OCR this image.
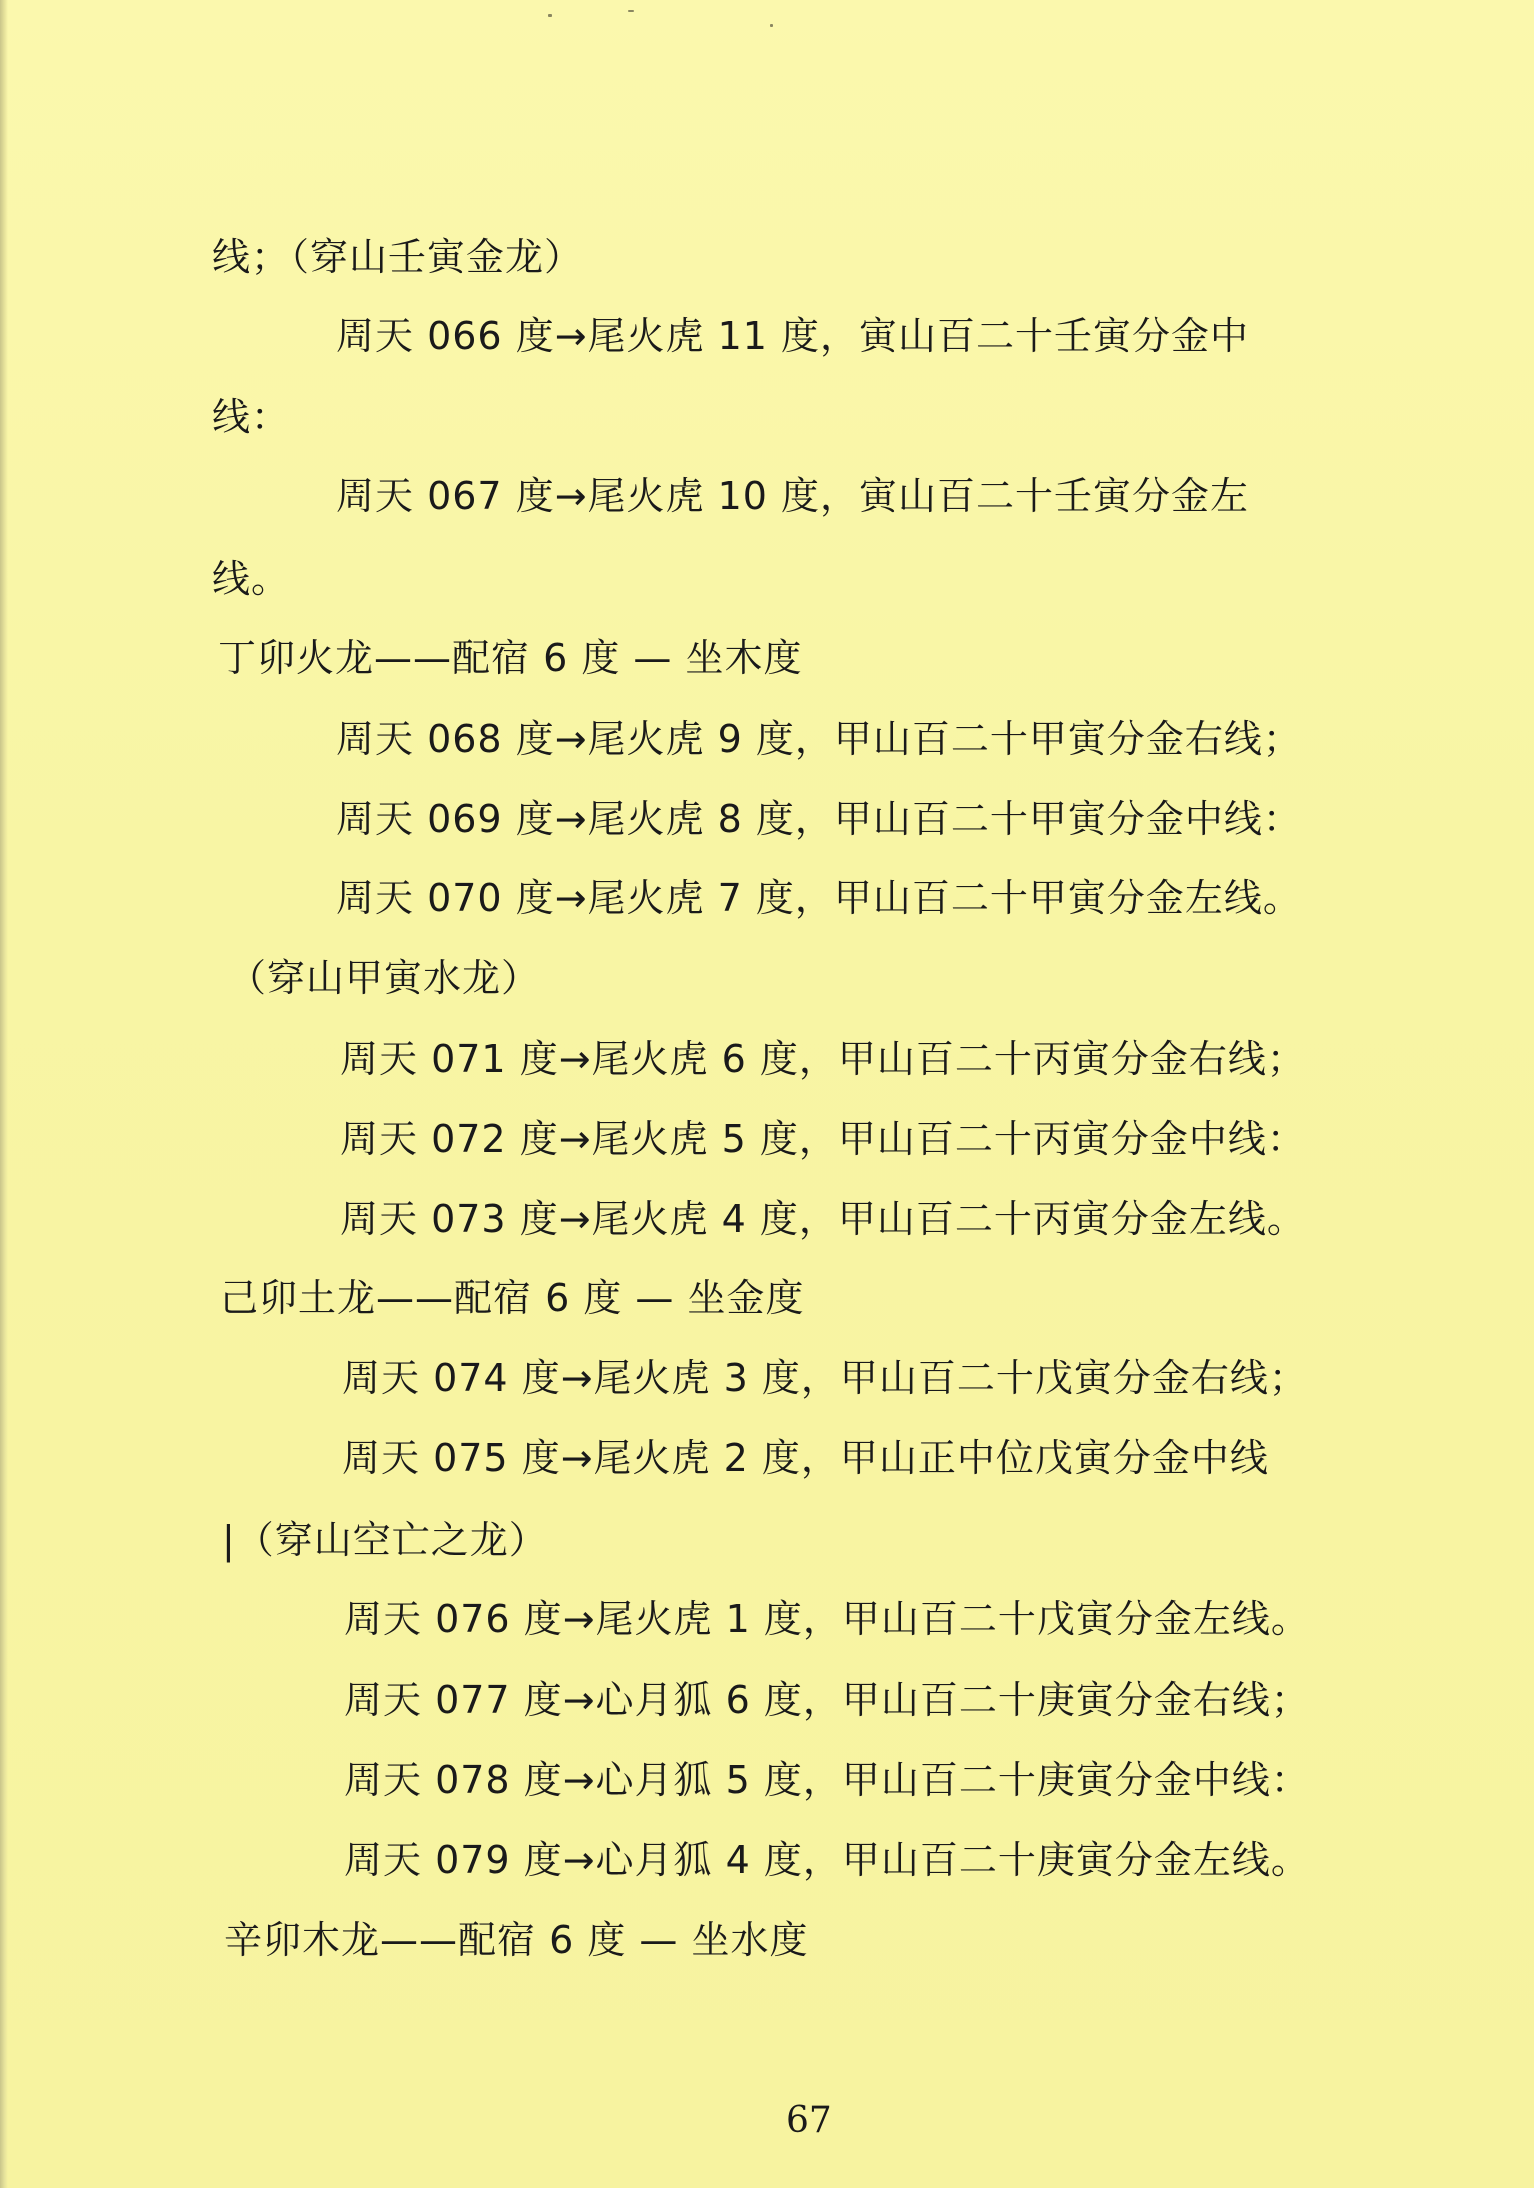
线；（穿山壬寅金龙）
周天 066 度→尾火虎 11 度，寅山百二十壬寅分金中
线：
周天 067 度→尾火虎 10 度，寅山百二十壬寅分金左
线。
丁卯火龙——配宿 6 度 — 坐木度
周天 068 度→尾火虎 9 度，甲山百二十甲寅分金右线；
周天 069 度→尾火虎 8 度，甲山百二十甲寅分金中线：
周天 070 度→尾火虎 7 度，甲山百二十甲寅分金左线。
（穿山甲寅水龙）
周天 071 度→尾火虎 6 度，甲山百二十丙寅分金右线；
周天 072 度→尾火虎 5 度，甲山百二十丙寅分金中线：
周天 073 度→尾火虎 4 度，甲山百二十丙寅分金左线。
己卯土龙——配宿 6 度 — 坐金度
周天 074 度→尾火虎 3 度，甲山百二十戊寅分金右线；
周天 075 度→尾火虎 2 度，甲山正中位戊寅分金中线
|（穿山空亡之龙）
周天 076 度→尾火虎 1 度，甲山百二十戊寅分金左线。
周天 077 度→心月狐 6 度，甲山百二十庚寅分金右线；
周天 078 度→心月狐 5 度，甲山百二十庚寅分金中线：
周天 079 度→心月狐 4 度，甲山百二十庚寅分金左线。
辛卯木龙——配宿 6 度 — 坐水度
67
